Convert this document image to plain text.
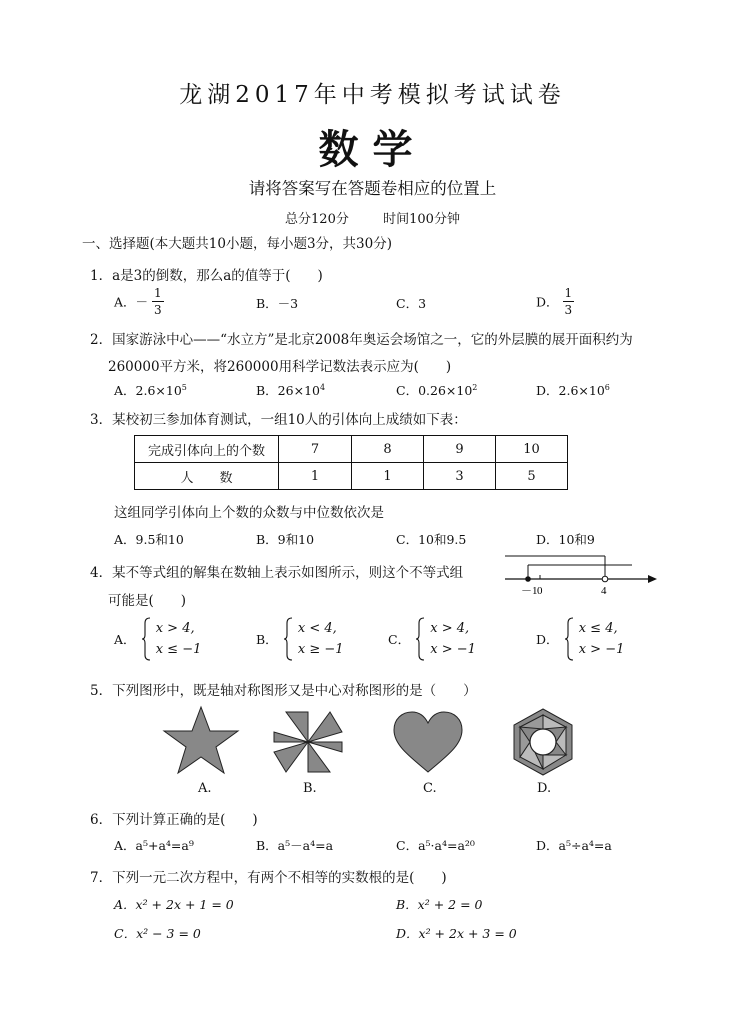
龙湖2017年中考模拟考试试卷
数学
请将答案写在答题卷相应的位置上
总分120分	时间100分钟
一、选择题(本大题共10小题，每小题3分，共30分)
1．a是3的倒数，那么a的值等于(　　)
A．－ $\frac{1}{3}$	B．－3	C．3	D． $\frac{1}{3}$
2．国家游泳中心——“水立方”是北京2008年奥运会场馆之一，它的外层膜的展开面积约为
260000平方米，将260000用科学记数法表示应为(　　)
A．$2.6\times 10^5$	B．$26\times 10^4$	C．$0.26\times 10^2$	D．$2.6\times 10^6$
3．某校初三参加体育测试，一组10人的引体向上成绩如下表：
完成引体向上的个数	7	8	9	10
人　　数	1	1	3	5
这组同学引体向上个数的众数与中位数依次是
A．9.5和10	B．9和10	C．10和9.5	D．10和9
4．某不等式组的解集在数轴上表示如图所示，则这个不等式组
可能是(　　)
－1 0	4
A．  x > 4,
x ≤ −1
B．  x < 4,
x ≥ −1
C．  x > 4,
x > −1
D．  x ≤ 4,
x > −1
5．下列图形中，既是轴对称图形又是中心对称图形的是（　　）
A.	B.	C.	D.
6．下列计算正确的是(　　)
A．a⁵+a⁴=a⁹	B．a⁵－a⁴=a	C．a⁵·a⁴=a²⁰	D．a⁵÷a⁴=a
7．下列一元二次方程中，有两个不相等的实数根的是(　　)
A．x² + 2x + 1 = 0	B．x² + 2 = 0
C．x² − 3 = 0	D．x² + 2x + 3 = 0
